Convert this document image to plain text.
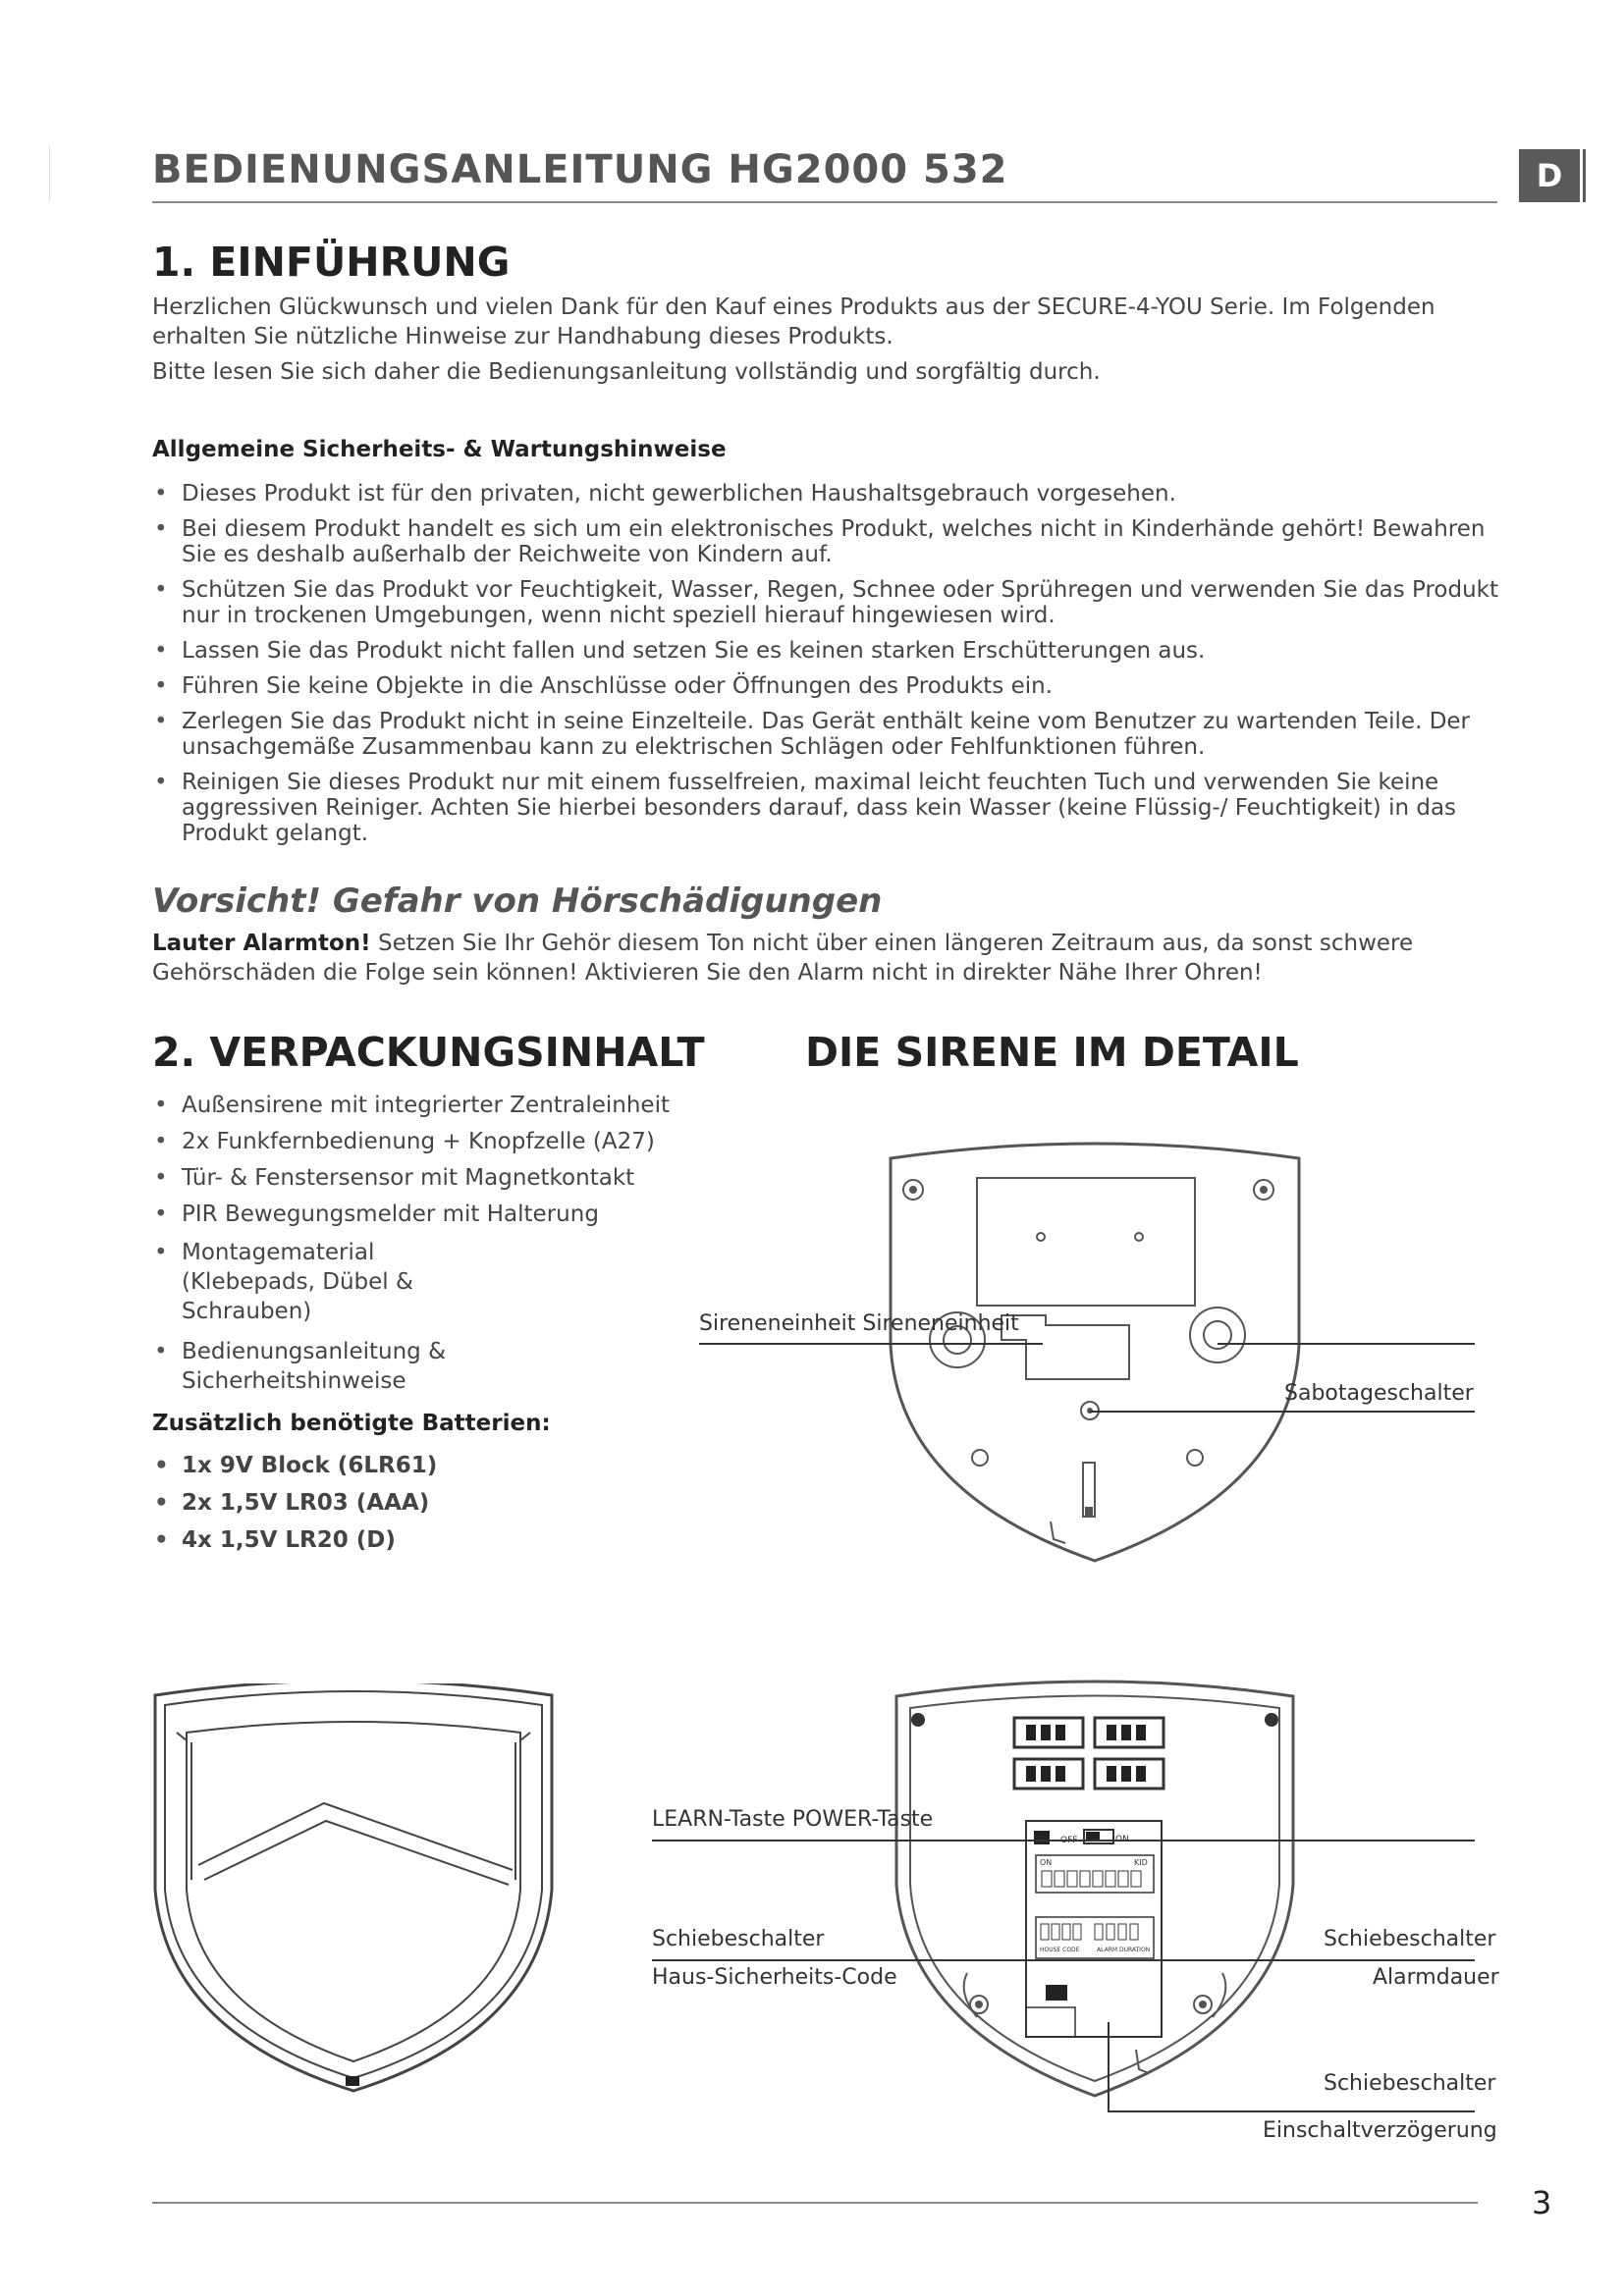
BEDIENUNGSANLEITUNG HG2000 532	D
1. EINFÜHRUNG

Herzlichen Glückwunsch und vielen Dank für den Kauf eines Produkts aus der SECURE-4-YOU Serie. Im Folgenden erhalten Sie nützliche Hinweise zur Handhabung dieses Produkts.

Bitte lesen Sie sich daher die Bedienungsanleitung vollständig und sorgfältig durch.

Allgemeine Sicherheits- & Wartungshinweise
• Dieses Produkt ist für den privaten, nicht gewerblichen Haushaltsgebrauch vorgesehen.
• Bei diesem Produkt handelt es sich um ein elektronisches Produkt, welches nicht in Kinderhände gehört! Bewahren Sie es deshalb außerhalb der Reichweite von Kindern auf.
• Schützen Sie das Produkt vor Feuchtigkeit, Wasser, Regen, Schnee oder Sprühregen und verwenden Sie das Produkt nur in trockenen Umgebungen, wenn nicht speziell hierauf hingewiesen wird.
• Lassen Sie das Produkt nicht fallen und setzen Sie es keinen starken Erschütterungen aus.
• Führen Sie keine Objekte in die Anschlüsse oder Öffnungen des Produkts ein.
• Zerlegen Sie das Produkt nicht in seine Einzelteile. Das Gerät enthält keine vom Benutzer zu wartenden Teile. Der unsachgemäße Zusammenbau kann zu elektrischen Schlägen oder Fehlfunktionen führen.
• Reinigen Sie dieses Produkt nur mit einem fusselfreien, maximal leicht feuchten Tuch und verwenden Sie keine aggressiven Reiniger. Achten Sie hierbei besonders darauf, dass kein Wasser (keine Flüssig-/ Feuchtigkeit) in das Produkt gelangt.
Vorsicht! Gefahr von Hörschädigungen
Lauter Alarmton! Setzen Sie Ihr Gehör diesem Ton nicht über einen längeren Zeitraum aus, da sonst schwere Gehörschäden die Folge sein können! Aktivieren Sie den Alarm nicht in direkter Nähe Ihrer Ohren!
2. VERPACKUNGSINHALT DIE SIRENE IM DETAIL
• Außensirene mit integrierter Zentraleinheit
• 2x Funkfernbedienung + Knopfzelle (A27)
• Tür- & Fenstersensor mit Magnetkontakt
• PIR Bewegungsmelder mit Halterung
• Montagematerial (Klebepads, Dübel & Schrauben)
• Bedienungsanleitung & Sicherheitshinweise
Zusätzlich benötigte Batterien:
• 1x 9V Block (6LR61)
• 2x 1,5V LR03 (AAA)
• 4x 1,5V LR20 (D)
Sireneneinheit Sireneneinheit
Sabotageschalter
OFF	ON
ON	KID
HOUSE CODE	ALARM DURATION
LEARN-Taste POWER-Taste
Schiebeschalter	Schiebeschalter
Haus-Sicherheits-Code	Alarmdauer
Schiebeschalter
Einschaltverzögerung
3
